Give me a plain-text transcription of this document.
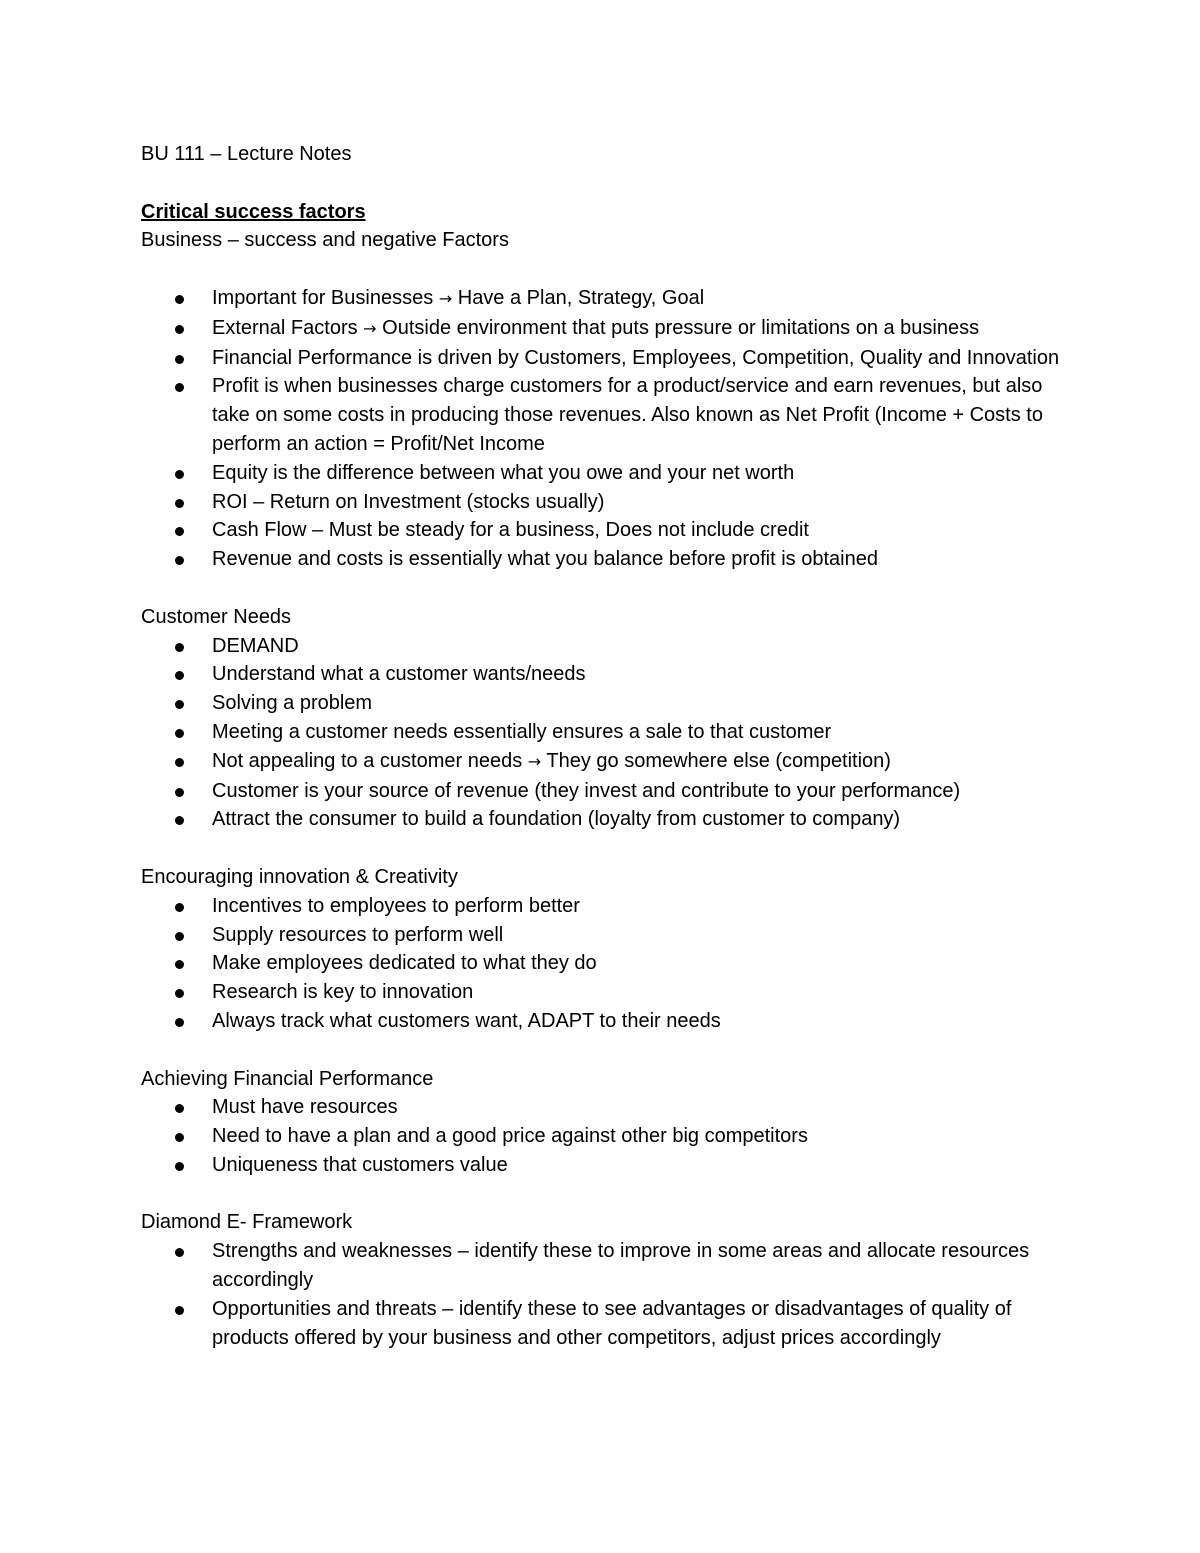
BU 111 – Lecture Notes

Critical success factors

Business – success and negative Factors

Important for Businesses → Have a Plan, Strategy, Goal
External Factors → Outside environment that puts pressure or limitations on a business
Financial Performance is driven by Customers, Employees, Competition, Quality and Innovation
Profit is when businesses charge customers for a product/service and earn revenues, but also take on some costs in producing those revenues. Also known as Net Profit (Income + Costs to perform an action = Profit/Net Income
Equity is the difference between what you owe and your net worth
ROI – Return on Investment (stocks usually)
Cash Flow – Must be steady for a business, Does not include credit
Revenue and costs is essentially what you balance before profit is obtained

Customer Needs

DEMAND
Understand what a customer wants/needs
Solving a problem
Meeting a customer needs essentially ensures a sale to that customer
Not appealing to a customer needs → They go somewhere else (competition)
Customer is your source of revenue (they invest and contribute to your performance)
Attract the consumer to build a foundation (loyalty from customer to company)

Encouraging innovation & Creativity

Incentives to employees to perform better
Supply resources to perform well
Make employees dedicated to what they do
Research is key to innovation
Always track what customers want, ADAPT to their needs

Achieving Financial Performance

Must have resources
Need to have a plan and a good price against other big competitors
Uniqueness that customers value

Diamond E- Framework

Strengths and weaknesses – identify these to improve in some areas and allocate resources accordingly
Opportunities and threats – identify these to see advantages or disadvantages of quality of products offered by your business and other competitors, adjust prices accordingly
